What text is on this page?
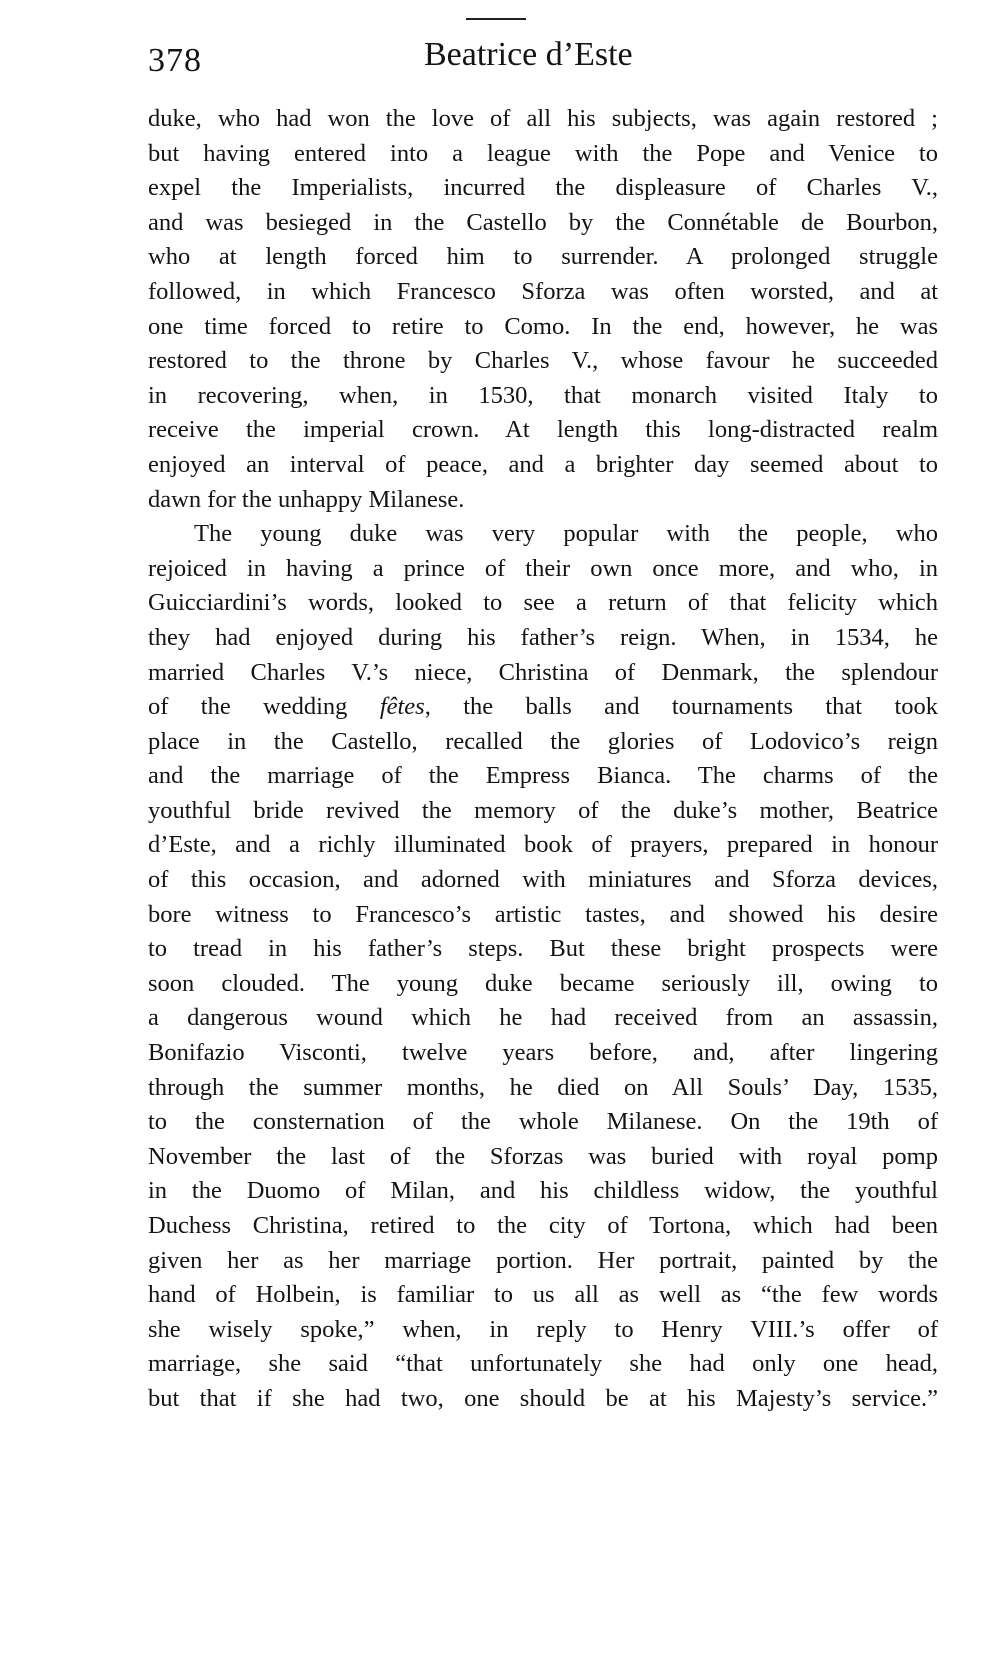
378	Beatrice d’Este
duke, who had won the love of all his subjects, was again restored ;
but having entered into a league with the Pope and Venice to
expel the Imperialists, incurred the displeasure of Charles V.,
and was besieged in the Castello by the Connétable de Bourbon,
who at length forced him to surrender. A prolonged struggle
followed, in which Francesco Sforza was often worsted, and at
one time forced to retire to Como. In the end, however, he was
restored to the throne by Charles V., whose favour he succeeded
in recovering, when, in 1530, that monarch visited Italy to
receive the imperial crown. At length this long-distracted realm
enjoyed an interval of peace, and a brighter day seemed about to
dawn for the unhappy Milanese.
The young duke was very popular with the people, who
rejoiced in having a prince of their own once more, and who, in
Guicciardini’s words, looked to see a return of that felicity which
they had enjoyed during his father’s reign. When, in 1534, he
married Charles V.’s niece, Christina of Denmark, the splendour
of the wedding fêtes, the balls and tournaments that took
place in the Castello, recalled the glories of Lodovico’s reign
and the marriage of the Empress Bianca. The charms of the
youthful bride revived the memory of the duke’s mother, Beatrice
d’Este, and a richly illuminated book of prayers, prepared in honour
of this occasion, and adorned with miniatures and Sforza devices,
bore witness to Francesco’s artistic tastes, and showed his desire
to tread in his father’s steps. But these bright prospects were
soon clouded. The young duke became seriously ill, owing to
a dangerous wound which he had received from an assassin,
Bonifazio Visconti, twelve years before, and, after lingering
through the summer months, he died on All Souls’ Day, 1535,
to the consternation of the whole Milanese. On the 19th of
November the last of the Sforzas was buried with royal pomp
in the Duomo of Milan, and his childless widow, the youthful
Duchess Christina, retired to the city of Tortona, which had been
given her as her marriage portion. Her portrait, painted by the
hand of Holbein, is familiar to us all as well as “the few words
she wisely spoke,” when, in reply to Henry VIII.’s offer of
marriage, she said “that unfortunately she had only one head,
but that if she had two, one should be at his Majesty’s service.”
